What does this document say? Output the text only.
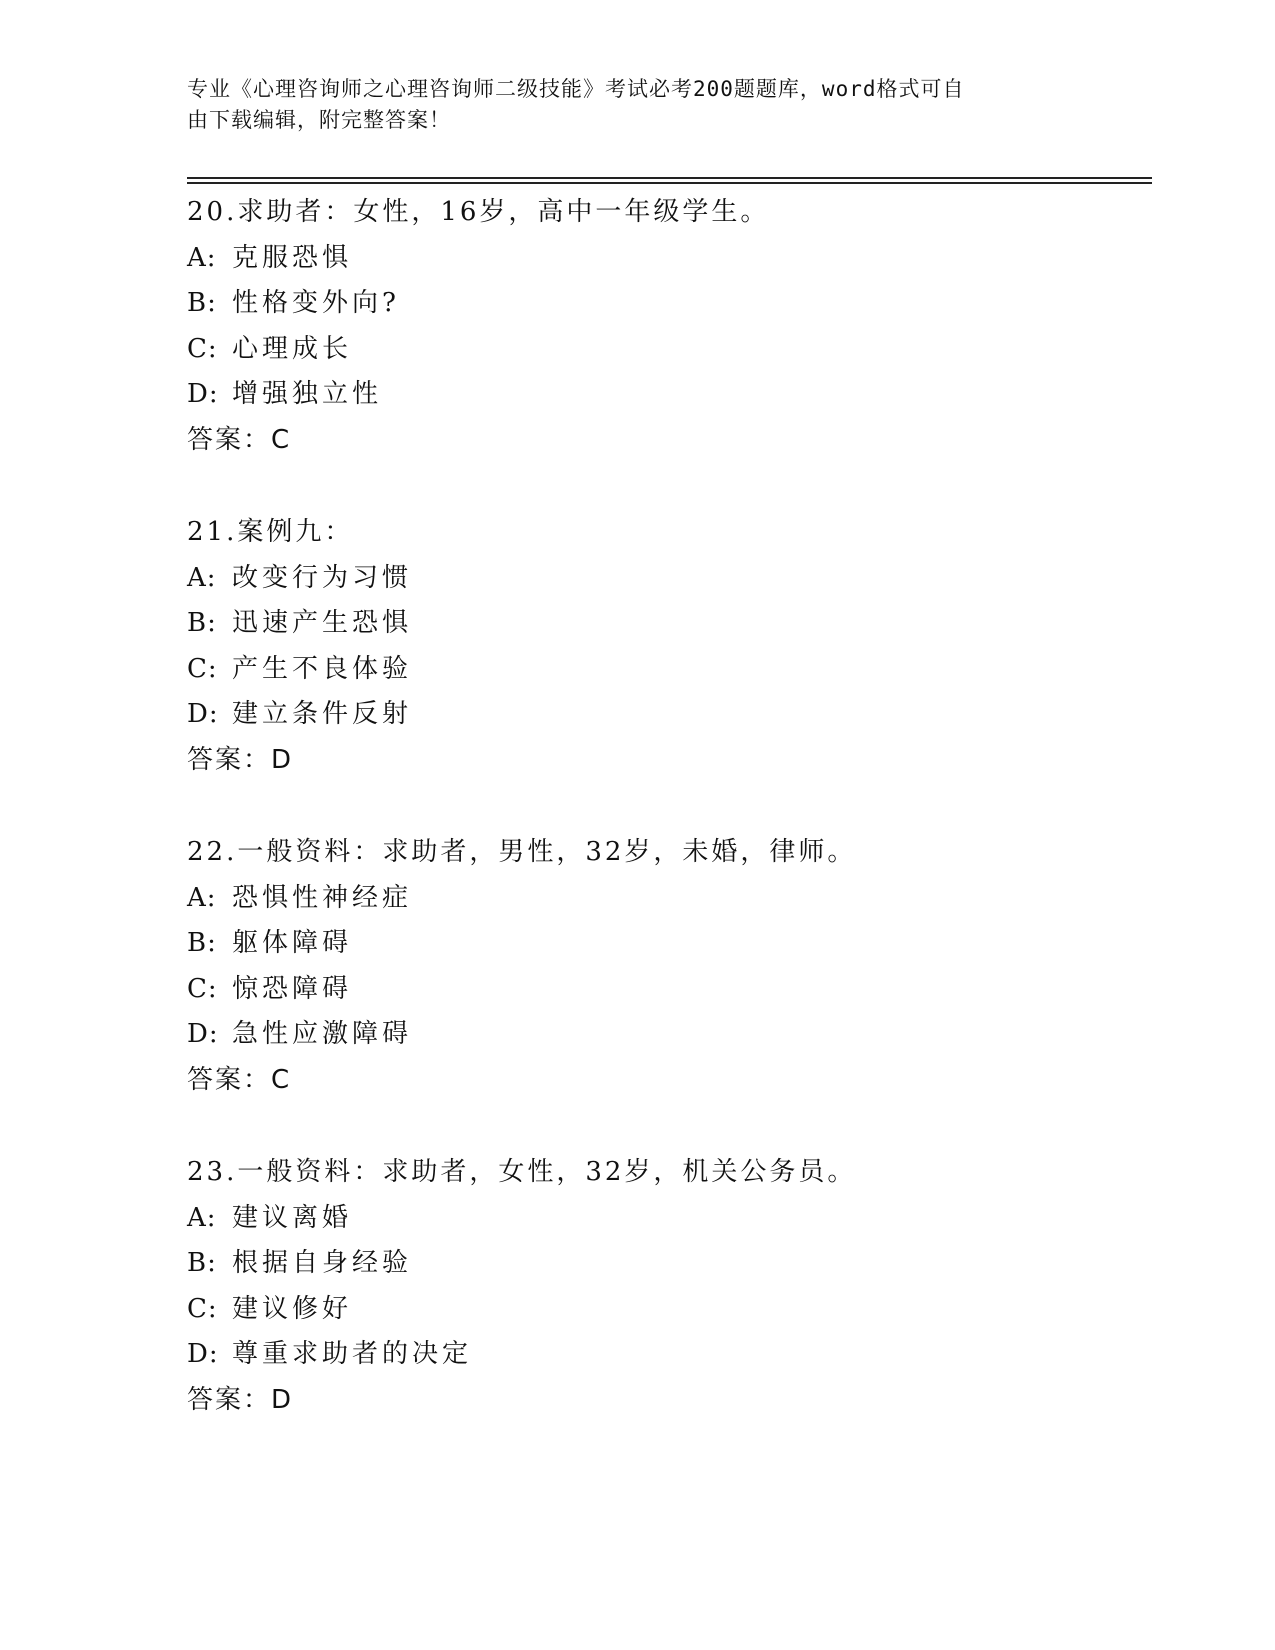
专业《心理咨询师之心理咨询师二级技能》考试必考200题题库，word格式可自

由下载编辑，附完整答案！

20.求助者：女性，16岁，高中一年级学生。
A: 克服恐惧
B: 性格变外向?
C: 心理成长
D: 增强独立性
答案：C
21.案例九：
A: 改变行为习惯
B: 迅速产生恐惧
C: 产生不良体验
D: 建立条件反射
答案：D
22.一般资料：求助者，男性，32岁，未婚，律师。
A: 恐惧性神经症
B: 躯体障碍
C: 惊恐障碍
D: 急性应激障碍
答案：C
23.一般资料：求助者，女性，32岁，机关公务员。
A: 建议离婚
B: 根据自身经验
C: 建议修好
D: 尊重求助者的决定
答案：D
